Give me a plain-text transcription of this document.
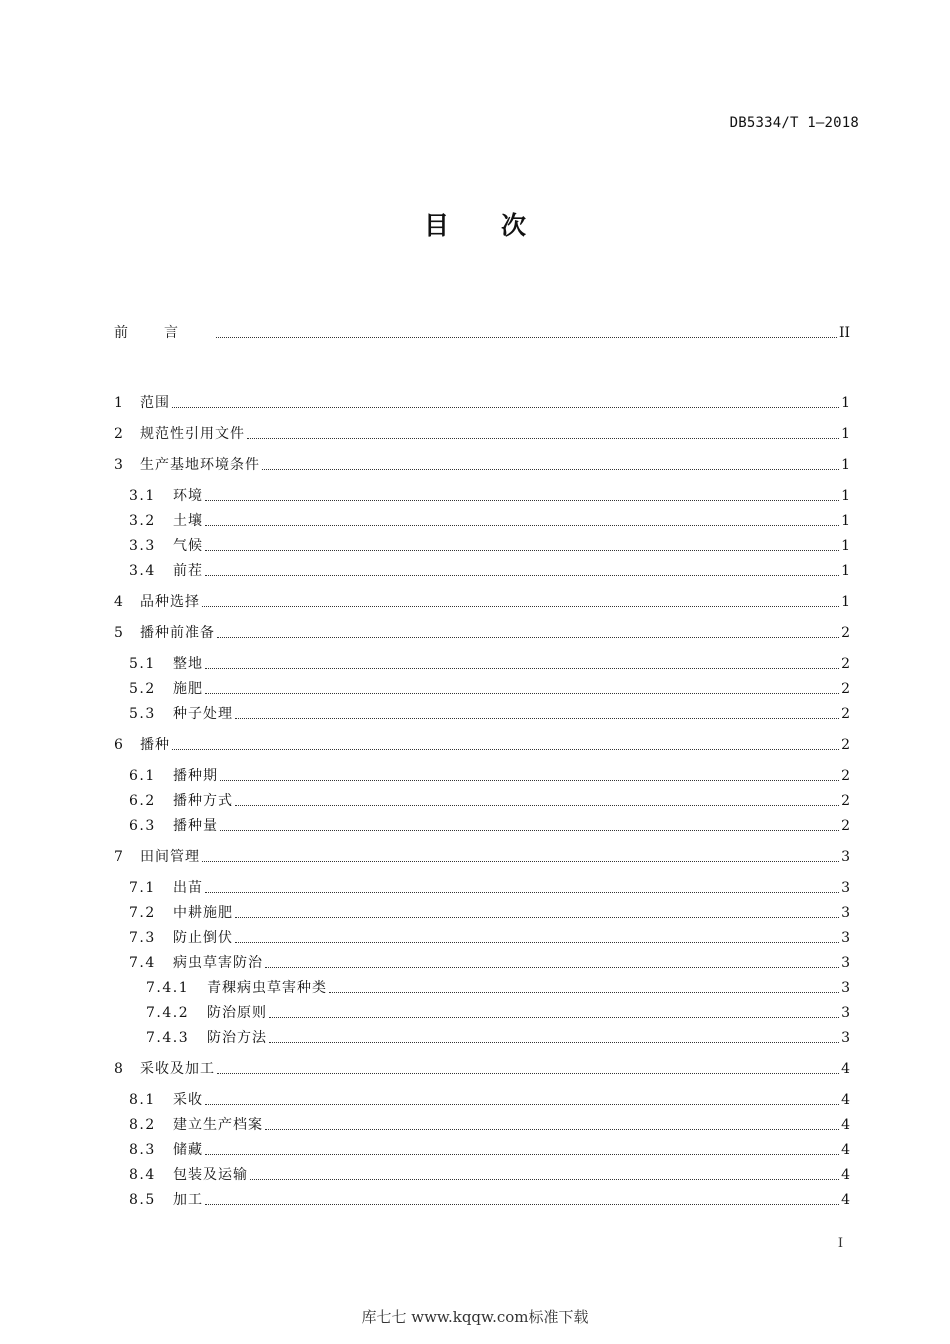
DB5334/T 1—2018
目次
前言	II
1	范围	1
2	规范性引用文件	1
3	生产基地环境条件	1
3.1	环境	1
3.2	土壤	1
3.3	气候	1
3.4	前茬	1
4	品种选择	1
5	播种前准备	2
5.1	整地	2
5.2	施肥	2
5.3	种子处理	2
6	播种	2
6.1	播种期	2
6.2	播种方式	2
6.3	播种量	2
7	田间管理	3
7.1	出苗	3
7.2	中耕施肥	3
7.3	防止倒伏	3
7.4	病虫草害防治	3
7.4.1	青稞病虫草害种类	3
7.4.2	防治原则	3
7.4.3	防治方法	3
8	采收及加工	4
8.1	采收	4
8.2	建立生产档案	4
8.3	储藏	4
8.4	包装及运输	4
8.5	加工	4
I
库七七 www.kqqw.com标准下载
